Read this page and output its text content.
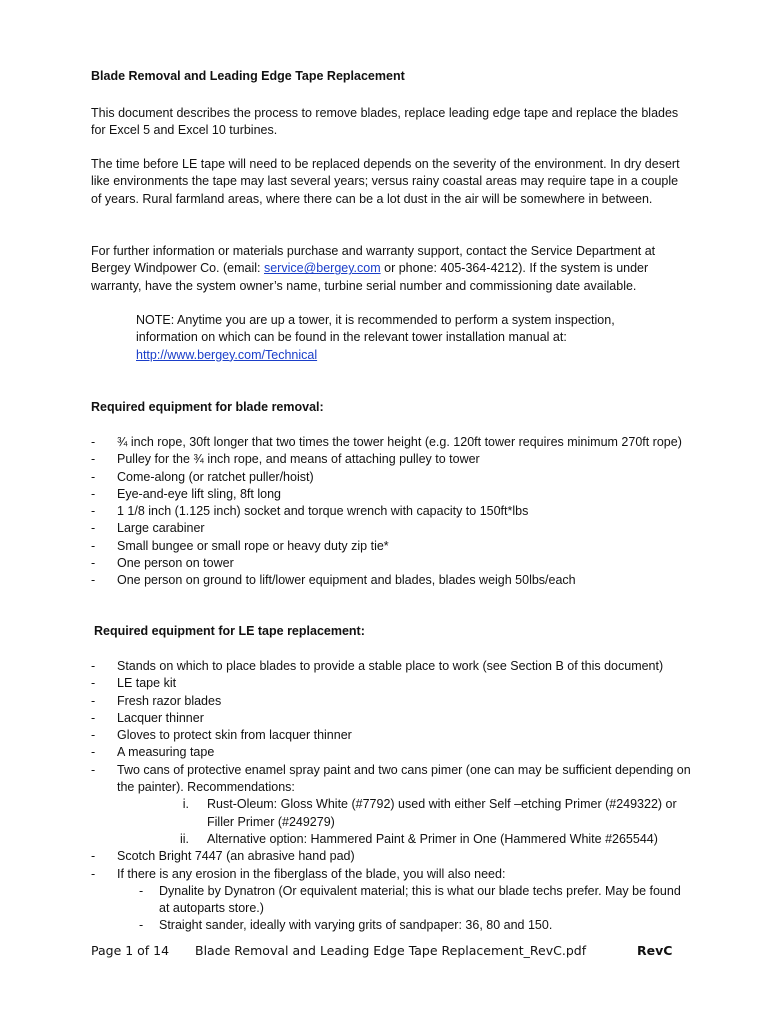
Blade Removal and Leading Edge Tape Replacement

This document describes the process to remove blades, replace leading edge tape and replace the blades for Excel 5 and Excel 10 turbines.

The time before LE tape will need to be replaced depends on the severity of the environment. In dry desert like environments the tape may last several years; versus rainy coastal areas may require tape in a couple of years. Rural farmland areas, where there can be a lot dust in the air will be somewhere in between.

For further information or materials purchase and warranty support, contact the Service Department at Bergey Windpower Co. (email: service@bergey.com or phone: 405-364-4212). If the system is under warranty, have the system owner’s name, turbine serial number and commissioning date available.

NOTE: Anytime you are up a tower, it is recommended to perform a system inspection, information on which can be found in the relevant tower installation manual at:
http://www.bergey.com/Technical
Required equipment for blade removal:
- ¾ inch rope, 30ft longer that two times the tower height (e.g. 120ft tower requires minimum 270ft rope)
- Pulley for the ¾ inch rope, and means of attaching pulley to tower
- Come-along (or ratchet puller/hoist)
- Eye-and-eye lift sling, 8ft long
- 1 1/8 inch (1.125 inch) socket and torque wrench with capacity to 150ft*lbs
- Large carabiner
- Small bungee or small rope or heavy duty zip tie*
- One person on tower
- One person on ground to lift/lower equipment and blades, blades weigh 50lbs/each
Required equipment for LE tape replacement:
- Stands on which to place blades to provide a stable place to work (see Section B of this document)
- LE tape kit
- Fresh razor blades
- Lacquer thinner
- Gloves to protect skin from lacquer thinner
- A measuring tape
- Two cans of protective enamel spray paint and two cans pimer (one can may be sufficient depending on the painter). Recommendations:
i. Rust-Oleum: Gloss White (#7792) used with either Self –etching Primer (#249322) or Filler Primer (#249279)
ii. Alternative option: Hammered Paint & Primer in One (Hammered White #265544)
- Scotch Bright 7447 (an abrasive hand pad)
- If there is any erosion in the fiberglass of the blade, you will also need:
- Dynalite by Dynatron (Or equivalent material; this is what our blade techs prefer. May be found at autoparts store.)
- Straight sander, ideally with varying grits of sandpaper: 36, 80 and 150.
Page 1 of 14 Blade Removal and Leading Edge Tape Replacement_RevC.pdf	RevC
